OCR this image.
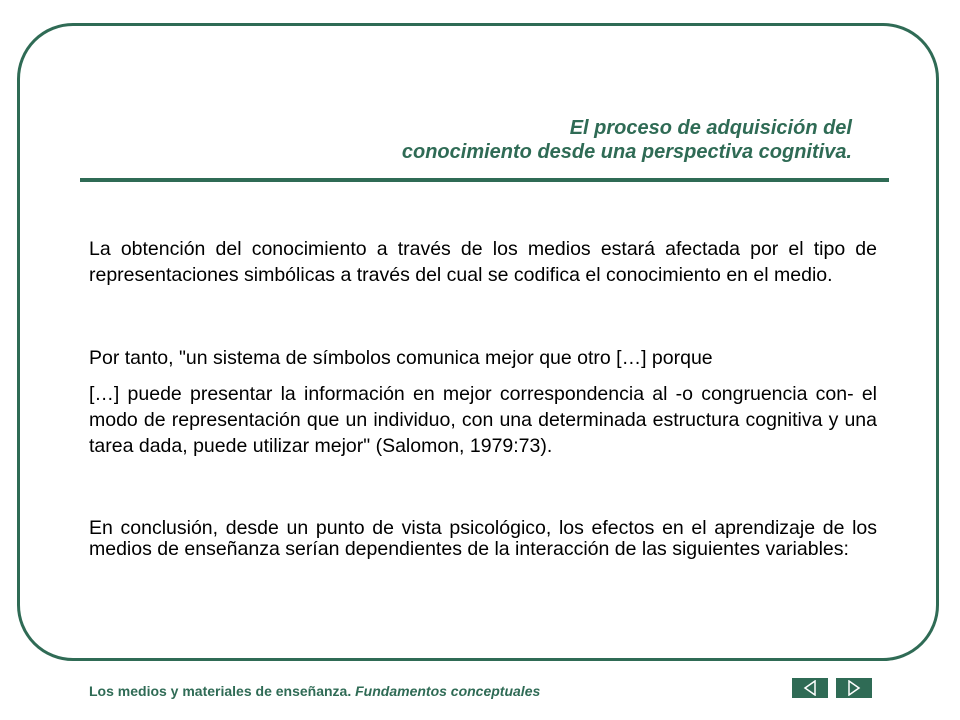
El proceso de adquisición del
conocimiento desde una perspectiva cognitiva.

La obtención del conocimiento a través de los medios estará afectada por el tipo de representaciones simbólicas a través del cual se codifica el conocimiento en el medio.

Por tanto, "un sistema de símbolos comunica mejor que otro […] porque

[…] puede presentar la información en mejor correspondencia al -o congruencia con- el modo de representación que un individuo, con una determinada estructura cognitiva y una tarea dada, puede utilizar mejor" (Salomon, 1979:73).

En conclusión, desde un punto de vista psicológico, los efectos en el aprendizaje de los medios de enseñanza serían dependientes de la interacción de las siguientes variables:

Los medios y materiales de enseñanza. Fundamentos conceptuales
